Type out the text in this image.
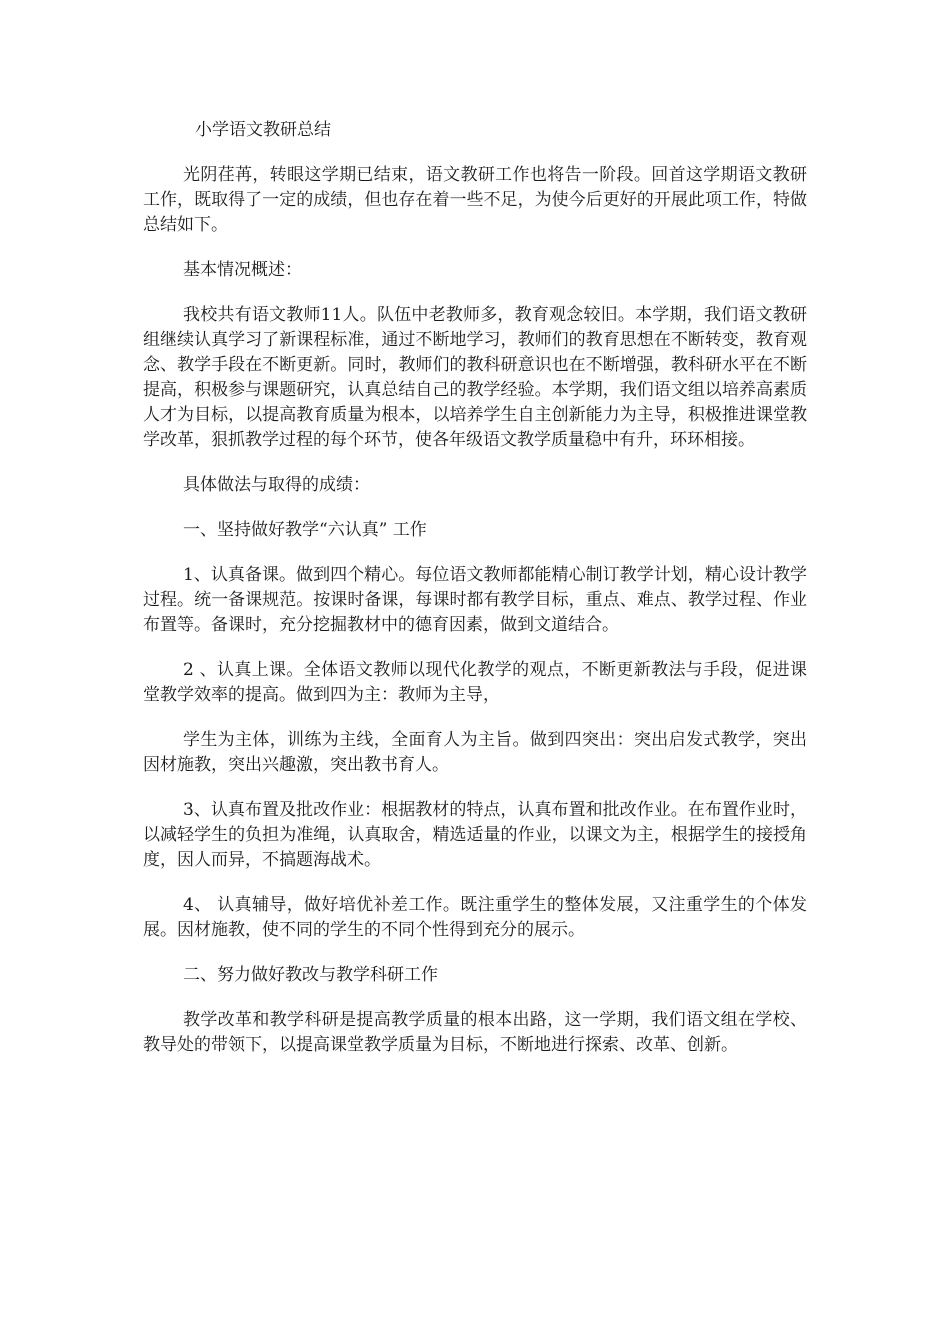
小学语文教研总结

光阴荏苒，转眼这学期已结束，语文教研工作也将告一阶段。回首这学期语文教研工作，既取得了一定的成绩，但也存在着一些不足，为使今后更好的开展此项工作，特做总结如下。

基本情况概述：

我校共有语文教师11人。队伍中老教师多，教育观念较旧。本学期，我们语文教研组继续认真学习了新课程标准，通过不断地学习，教师们的教育思想在不断转变，教育观念、教学手段在不断更新。同时，教师们的教科研意识也在不断增强，教科研水平在不断提高，积极参与课题研究，认真总结自己的教学经验。本学期，我们语文组以培养高素质人才为目标，以提高教育质量为根本，以培养学生自主创新能力为主导，积极推进课堂教学改革，狠抓教学过程的每个环节，使各年级语文教学质量稳中有升，环环相接。

具体做法与取得的成绩：

一、坚持做好教学“六认真” 工作

1、认真备课。做到四个精心。每位语文教师都能精心制订教学计划，精心设计教学过程。统一备课规范。按课时备课，每课时都有教学目标，重点、难点、教学过程、作业布置等。备课时，充分挖掘教材中的德育因素，做到文道结合。

2 、认真上课。全体语文教师以现代化教学的观点，不断更新教法与手段，促进课堂教学效率的提高。做到四为主：教师为主导，

学生为主体，训练为主线，全面育人为主旨。做到四突出：突出启发式教学，突出因材施教，突出兴趣激，突出教书育人。

3、认真布置及批改作业：根据教材的特点，认真布置和批改作业。在布置作业时，以减轻学生的负担为准绳，认真取舍，精选适量的作业，以课文为主，根据学生的接授角度，因人而异，不搞题海战术。

4、 认真辅导，做好培优补差工作。既注重学生的整体发展，又注重学生的个体发展。因材施教，使不同的学生的不同个性得到充分的展示。

二、努力做好教改与教学科研工作

教学改革和教学科研是提高教学质量的根本出路，这一学期，我们语文组在学校、教导处的带领下，以提高课堂教学质量为目标，不断地进行探索、改革、创新。
